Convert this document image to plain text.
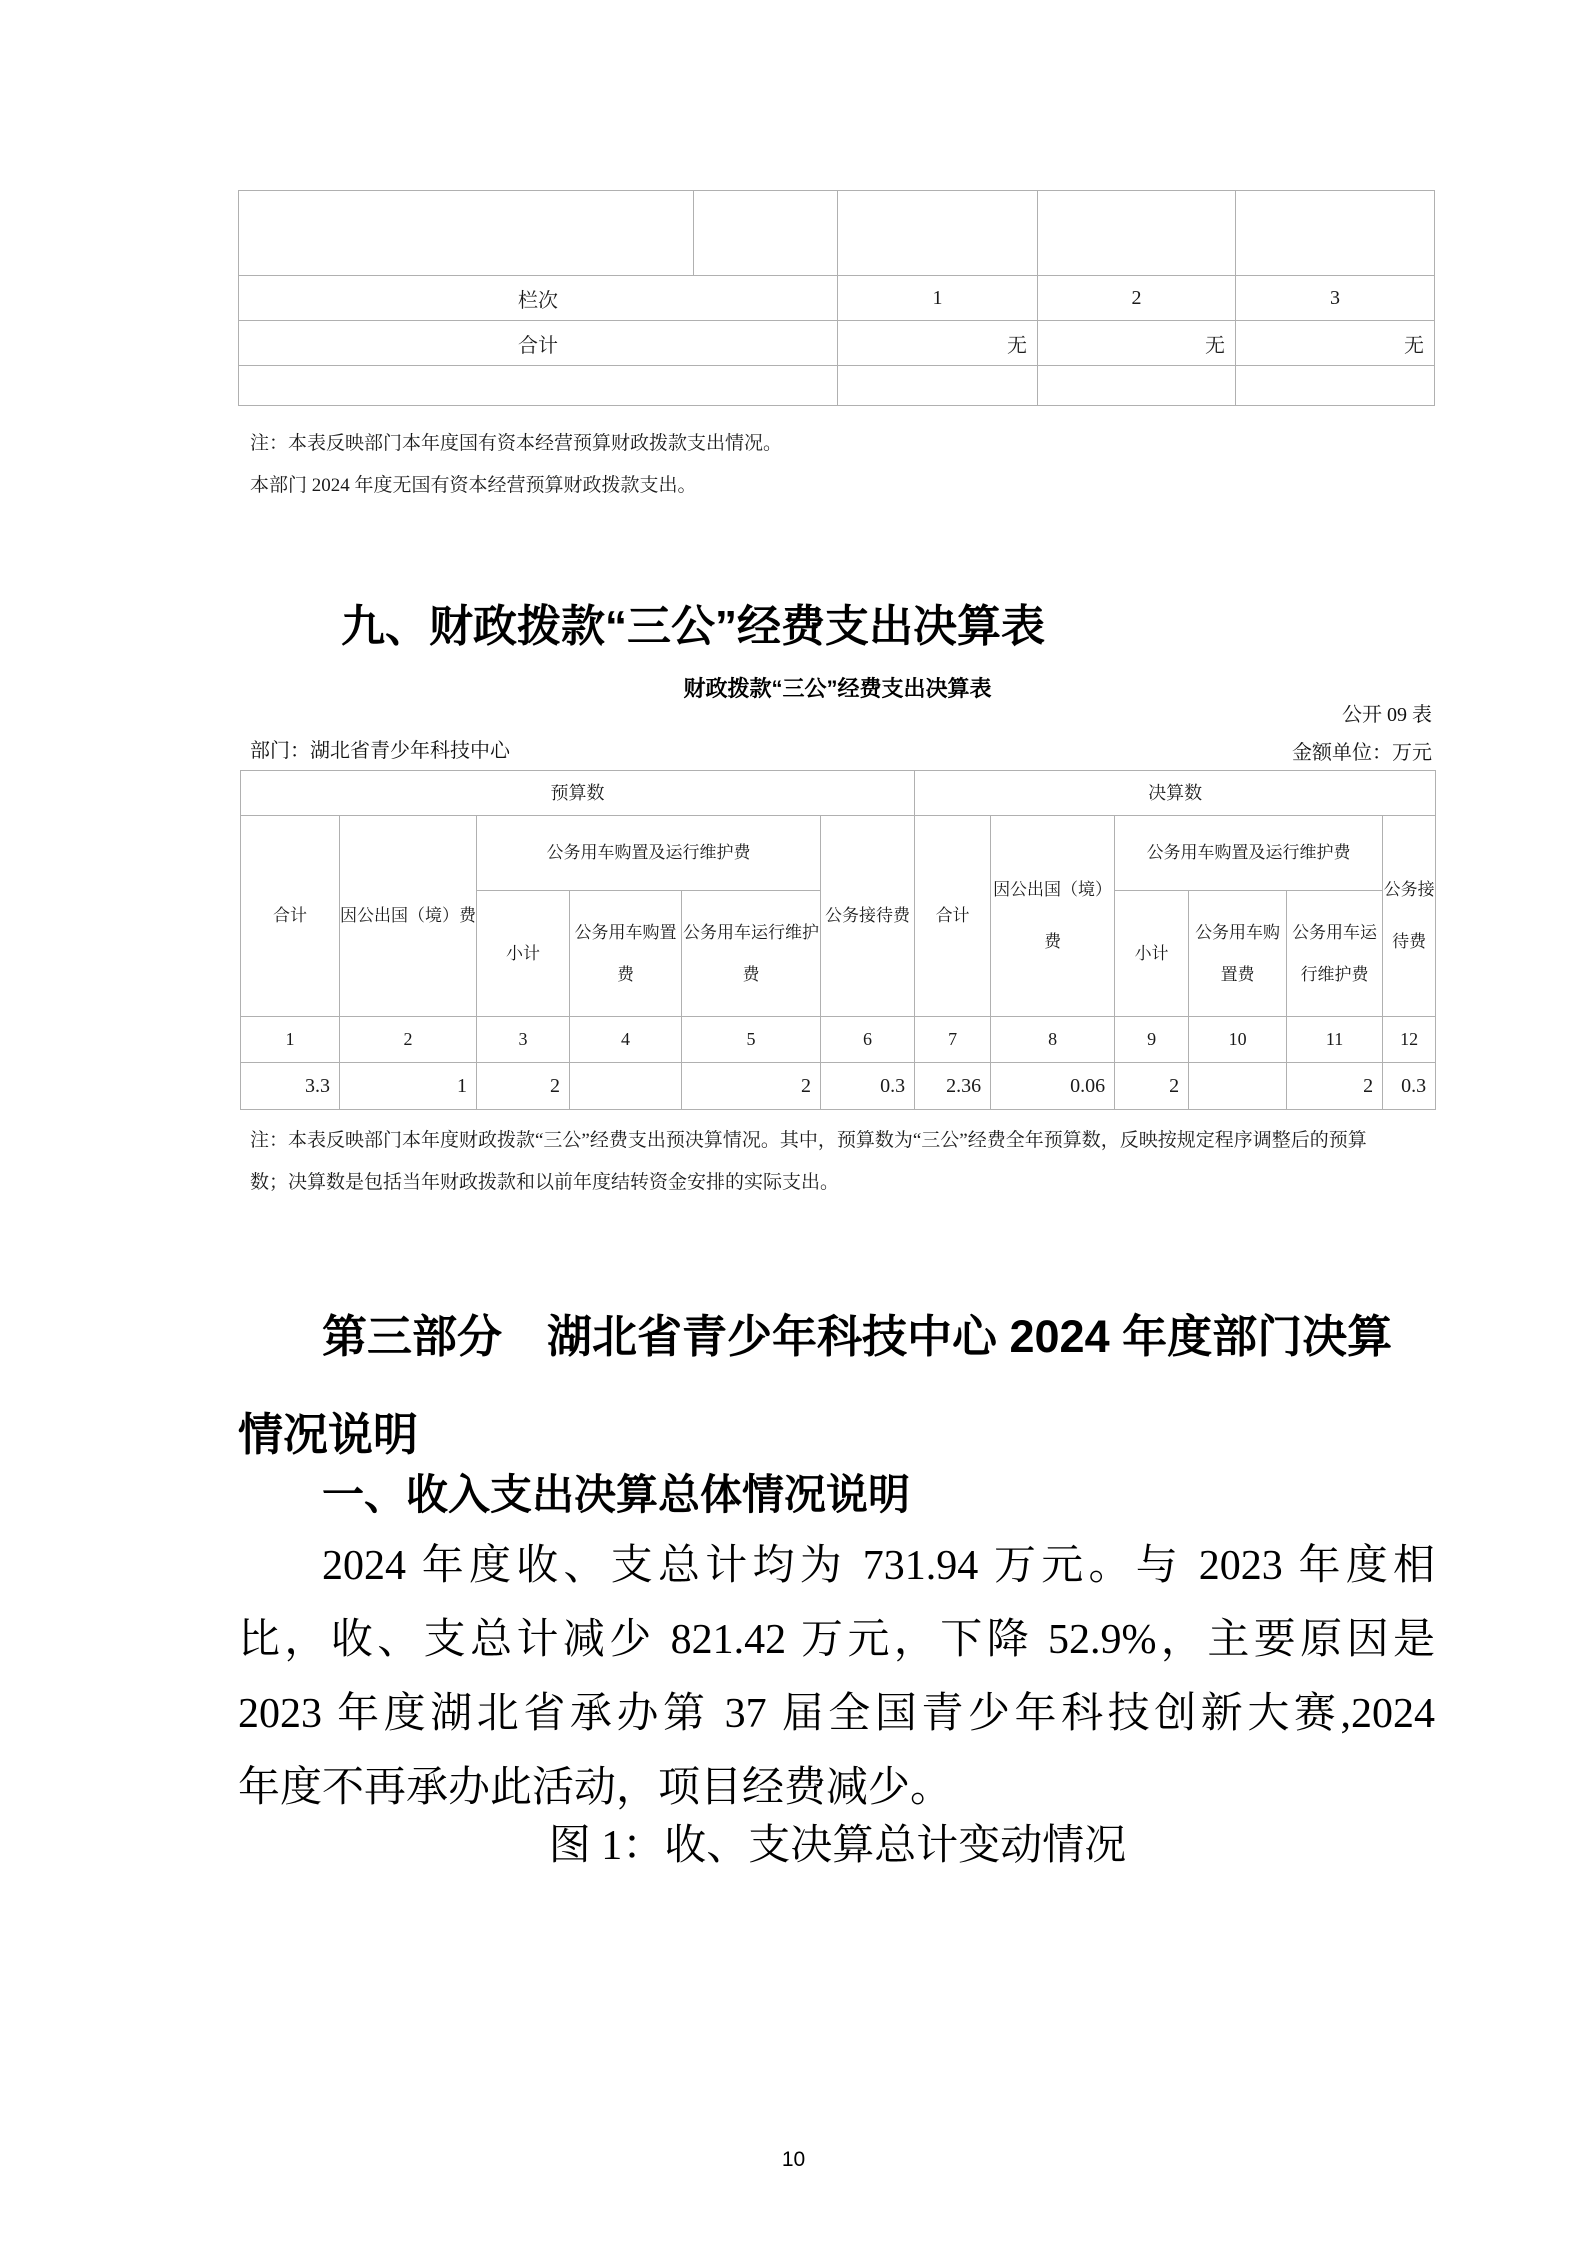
栏次		1	2	3
合计		无	无	无

注：本表反映部门本年度国有资本经营预算财政拨款支出情况。
本部门 2024 年度无国有资本经营预算财政拨款支出。
九、财政拨款“三公”经费支出决算表
财政拨款“三公”经费支出决算表
公开 09 表
部门：湖北省青少年科技中心	金额单位：万元
预算数						决算数					
合计	因公出国（境）费	公务用车购置及运行维护费			公务接待费	合计	因公出国（境）费	公务用车购置及运行维护费			公务接待费
		小计	公务用车购置费	公务用车运行维护费				小计	公务用车购置费	公务用车运行维护费	
1	2	3	4	5	6	7	8	9	10	11	12
3.3	1	2		2	0.3	2.36	0.06	2		2	0.3
注：本表反映部门本年度财政拨款“三公”经费支出预决算情况。其中，预算数为“三公”经费全年预算数，反映按规定程序调整后的预算
数；决算数是包括当年财政拨款和以前年度结转资金安排的实际支出。
第三部分　湖北省青少年科技中心 2024 年度部门决算
情况说明
一、收入支出决算总体情况说明
2024 年度收、支总计均为 731.94 万元。与 2023 年度相
比，收、支总计减少 821.42 万元，下降 52.9%，主要原因是
2023 年度湖北省承办第 37 届全国青少年科技创新大赛,2024
年度不再承办此活动，项目经费减少。
图 1：收、支决算总计变动情况
10
